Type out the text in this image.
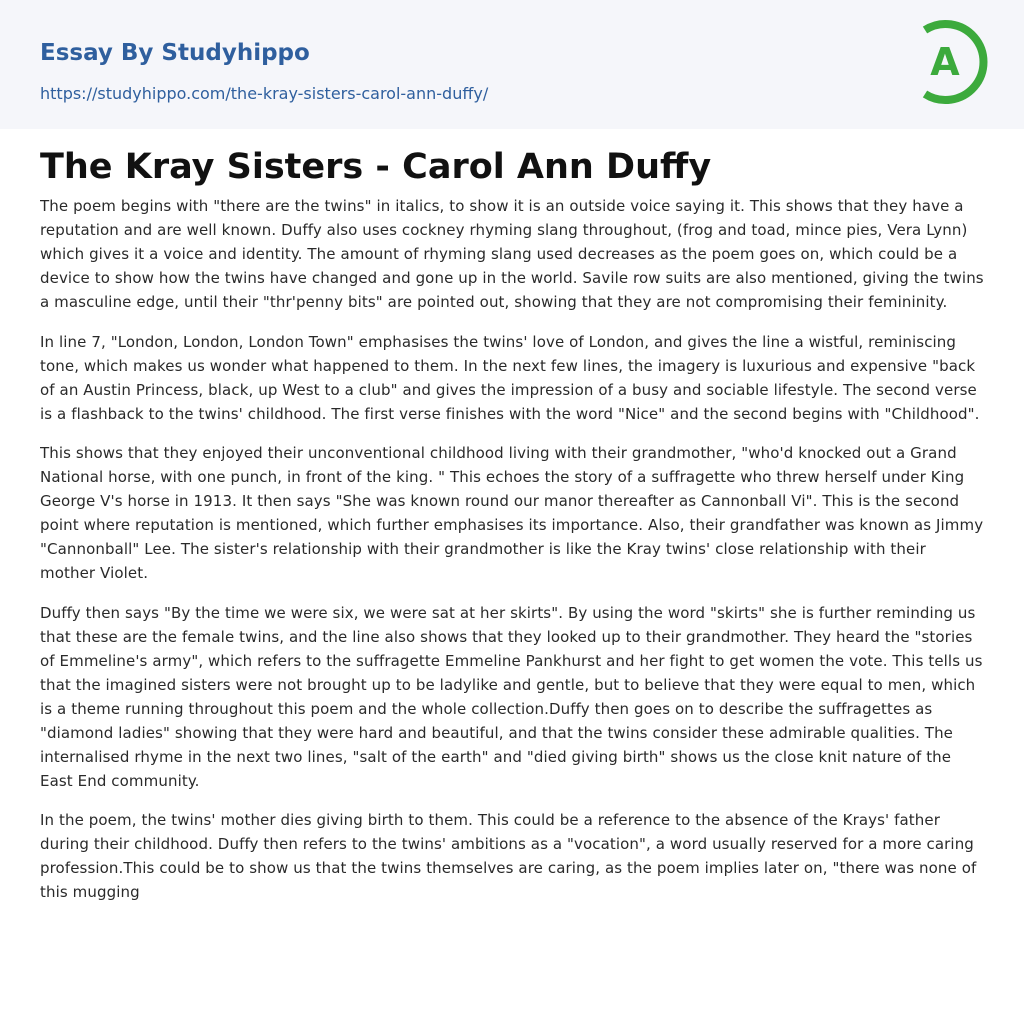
Essay By Studyhippo
https://studyhippo.com/the-kray-sisters-carol-ann-duffy/
A
The Kray Sisters - Carol Ann Duffy

The poem begins with "there are the twins" in italics, to show it is an outside voice saying it. This shows that they have a reputation and are well known. Duffy also uses cockney rhyming slang throughout, (frog and toad, mince pies, Vera Lynn) which gives it a voice and identity. The amount of rhyming slang used decreases as the poem goes on, which could be a device to show how the twins have changed and gone up in the world. Savile row suits are also mentioned, giving the twins a masculine edge, until their "thr'penny bits" are pointed out, showing that they are not compromising their femininity.

In line 7, "London, London, London Town" emphasises the twins' love of London, and gives the line a wistful, reminiscing tone, which makes us wonder what happened to them. In the next few lines, the imagery is luxurious and expensive "back of an Austin Princess, black, up West to a club" and gives the impression of a busy and sociable lifestyle. The second verse is a flashback to the twins' childhood. The first verse finishes with the word "Nice" and the second begins with "Childhood".

This shows that they enjoyed their unconventional childhood living with their grandmother, "who'd knocked out a Grand National horse, with one punch, in front of the king. " This echoes the story of a suffragette who threw herself under King George V's horse in 1913. It then says "She was known round our manor thereafter as Cannonball Vi". This is the second point where reputation is mentioned, which further emphasises its importance. Also, their grandfather was known as Jimmy "Cannonball" Lee. The sister's relationship with their grandmother is like the Kray twins' close relationship with their mother Violet.

Duffy then says "By the time we were six, we were sat at her skirts". By using the word "skirts" she is further reminding us that these are the female twins, and the line also shows that they looked up to their grandmother. They heard the "stories of Emmeline's army", which refers to the suffragette Emmeline Pankhurst and her fight to get women the vote. This tells us that the imagined sisters were not brought up to be ladylike and gentle, but to believe that they were equal to men, which is a theme running throughout this poem and the whole collection.Duffy then goes on to describe the suffragettes as "diamond ladies" showing that they were hard and beautiful, and that the twins consider these admirable qualities. The internalised rhyme in the next two lines, "salt of the earth" and "died giving birth" shows us the close knit nature of the East End community.

In the poem, the twins' mother dies giving birth to them. This could be a reference to the absence of the Krays' father during their childhood. Duffy then refers to the twins' ambitions as a "vocation", a word usually reserved for a more caring profession.This could be to show us that the twins themselves are caring, as the poem implies later on, "there was none of this mugging
